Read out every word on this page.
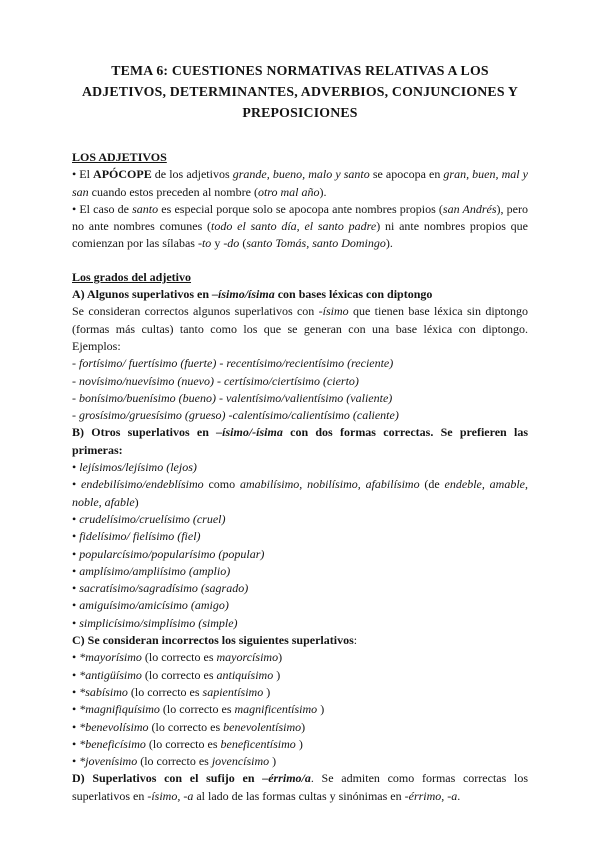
TEMA 6: CUESTIONES NORMATIVAS RELATIVAS A LOS
ADJETIVOS, DETERMINANTES, ADVERBIOS, CONJUNCIONES Y
PREPOSICIONES
LOS ADJETIVOS
• El APÓCOPE de los adjetivos grande, bueno, malo y santo se apocopa en gran, buen, mal y san cuando estos preceden al nombre (otro mal año).
• El caso de santo es especial porque solo se apocopa ante nombres propios (san Andrés), pero no ante nombres comunes (todo el santo día, el santo padre) ni ante nombres propios que comienzan por las sílabas -to y -do (santo Tomás, santo Domingo).
Los grados del adjetivo
A) Algunos superlativos en –ísimo/ísima con bases léxicas con diptongo
Se consideran correctos algunos superlativos con -ísimo que tienen base léxica sin diptongo (formas más cultas) tanto como los que se generan con una base léxica con diptongo. Ejemplos:
- fortísimo/ fuertísimo (fuerte) - recentísimo/recientísimo (reciente)
- novísimo/nuevísimo (nuevo) - certísimo/ciertísimo (cierto)
- bonísimo/buenísimo (bueno) - valentísimo/valientísimo (valiente)
- grosísimo/gruesísimo (grueso) -calentísimo/calientísimo (caliente)
B) Otros superlativos en –ísimo/-ísima con dos formas correctas. Se prefieren las primeras:
• lejísimos/lejísimo (lejos)
• endebilísimo/endeblísimo como amabilísimo, nobilísimo, afabilísimo (de endeble, amable, noble, afable)
• crudelísimo/cruelísimo (cruel)
• fidelísimo/ fielísimo (fiel)
• popularcísimo/popularísimo (popular)
• amplísimo/ampliísimo (amplio)
• sacratísimo/sagradísimo (sagrado)
• amiguísimo/amicísimo (amigo)
• simplicísimo/simplísimo (simple)
C) Se consideran incorrectos los siguientes superlativos:
• *mayorísimo (lo correcto es mayorcísimo)
• *antigüísimo (lo correcto es antiquísimo )
• *sabísimo (lo correcto es sapientísimo )
• *magnifiquísimo (lo correcto es magnificentísimo )
• *benevolísimo (lo correcto es benevolentísimo)
• *beneficísimo (lo correcto es beneficentísimo )
• *jovenísimo (lo correcto es jovencísimo )
D) Superlativos con el sufijo en –érrimo/a. Se admiten como formas correctas los superlativos en -ísimo, -a al lado de las formas cultas y sinónimas en -érrimo, -a.
